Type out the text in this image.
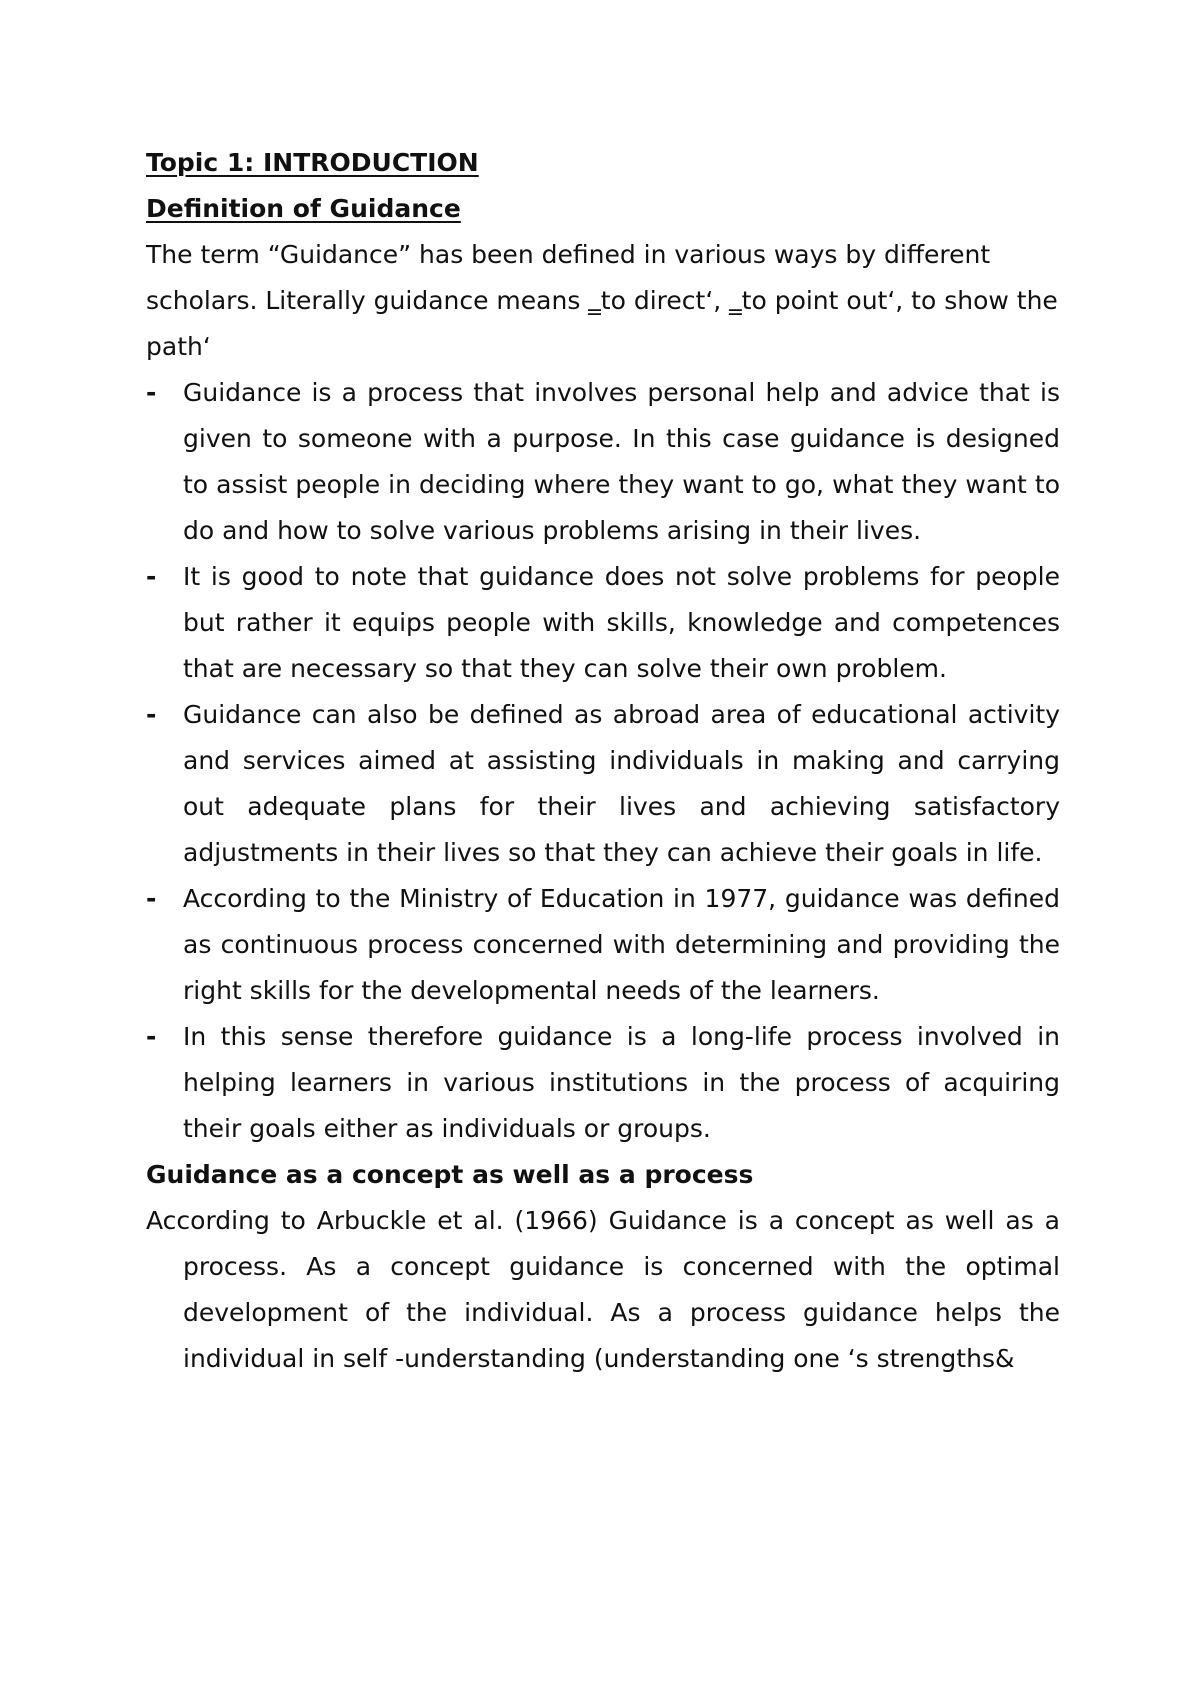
Topic 1: INTRODUCTION
Definition of Guidance

The term “Guidance” has been defined in various ways by different scholars. Literally guidance means ‗to direct‘, ‗to point out‘, to show the path‘

- Guidance is a process that involves personal help and advice that is given to someone with a purpose. In this case guidance is designed to assist people in deciding where they want to go, what they want to do and how to solve various problems arising in their lives.
- It is good to note that guidance does not solve problems for people but rather it equips people with skills, knowledge and competences that are necessary so that they can solve their own problem.
- Guidance can also be defined as abroad area of educational activity and services aimed at assisting individuals in making and carrying out adequate plans for their lives and achieving satisfactory adjustments in their lives so that they can achieve their goals in life.
- According to the Ministry of Education in 1977, guidance was defined as continuous process concerned with determining and providing the right skills for the developmental needs of the learners.
- In this sense therefore guidance is a long-life process involved in helping learners in various institutions in the process of acquiring their goals either as individuals or groups.
Guidance as a concept as well as a process

According to Arbuckle et al. (1966) Guidance is a concept as well as a process. As a concept guidance is concerned with the optimal development of the individual. As a process guidance helps the individual in self -understanding (understanding one ‘s strengths&
